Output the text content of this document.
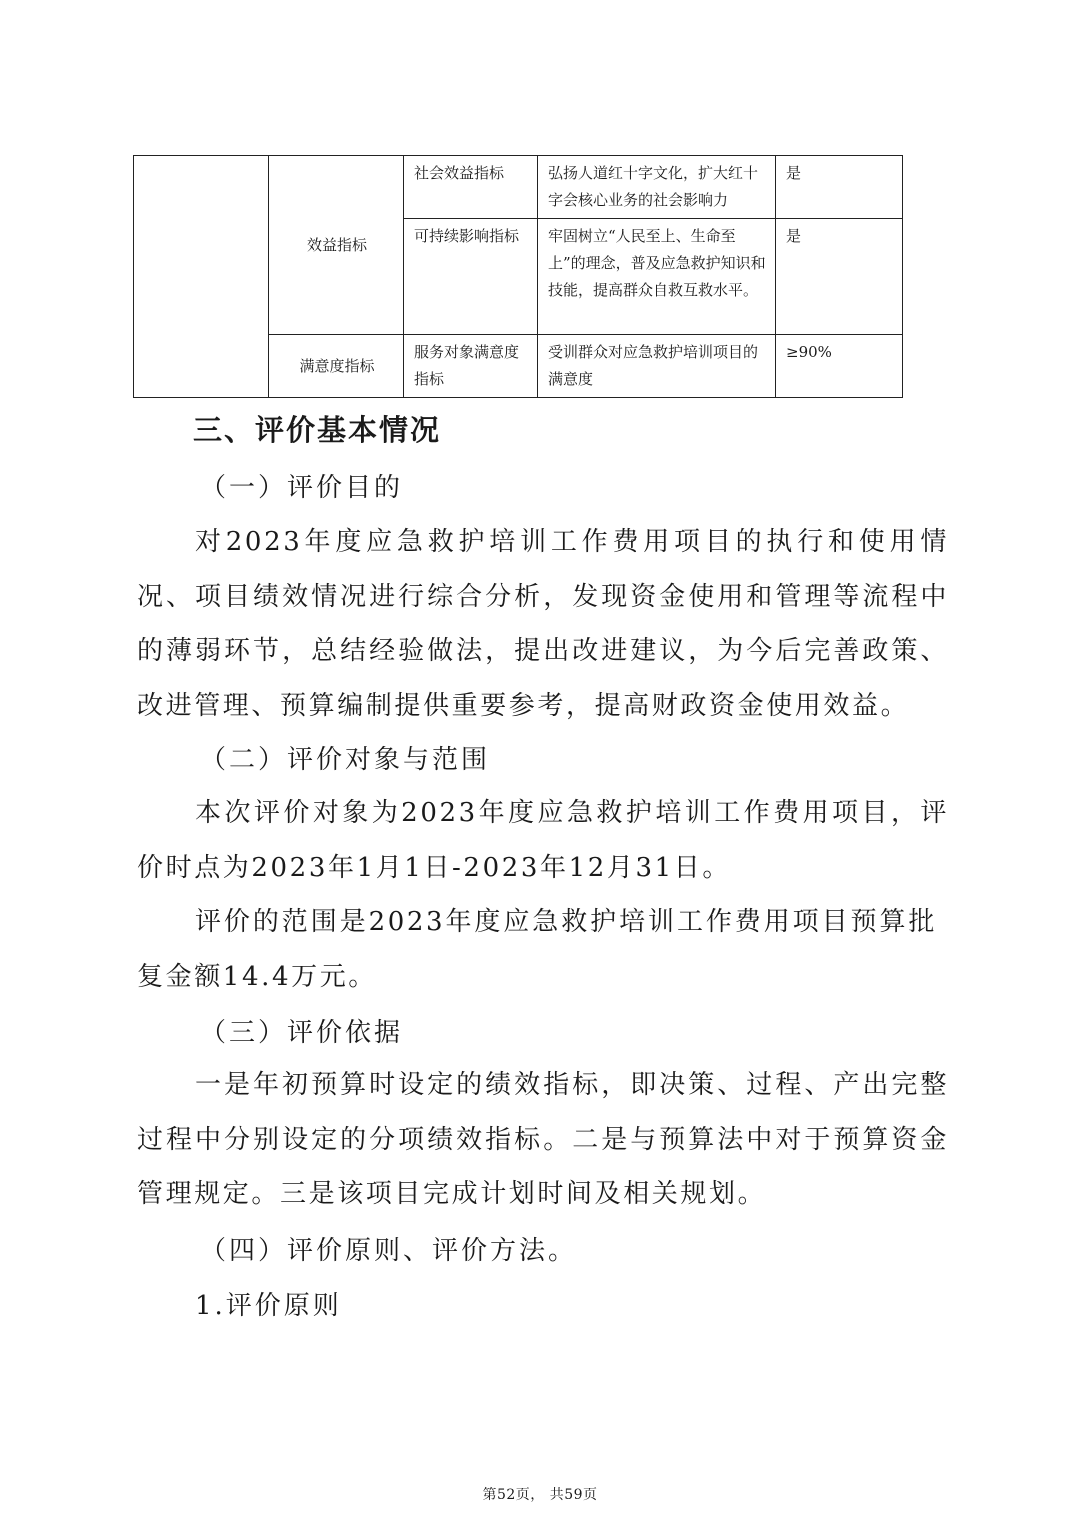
	效益指标	社会效益指标	弘扬人道红十字文化，扩大红十字会核心业务的社会影响力	是
		可持续影响指标	牢固树立“人民至上、生命至上”的理念，普及应急救护知识和技能，提高群众自救互救水平。	是
	满意度指标	服务对象满意度指标	受训群众对应急救护培训项目的满意度	≥90%
三、评价基本情况
（一）评价目的
对2023年度应急救护培训工作费用项目的执行和使用情况、项目绩效情况进行综合分析，发现资金使用和管理等流程中的薄弱环节，总结经验做法，提出改进建议，为今后完善政策、改进管理、预算编制提供重要参考，提高财政资金使用效益。
（二）评价对象与范围
本次评价对象为2023年度应急救护培训工作费用项目，评价时点为2023年1月1日-2023年12月31日。
评价的范围是2023年度应急救护培训工作费用项目预算批复金额14.4万元。
（三）评价依据
一是年初预算时设定的绩效指标，即决策、过程、产出完整过程中分别设定的分项绩效指标。二是与预算法中对于预算资金管理规定。三是该项目完成计划时间及相关规划。
（四）评价原则、评价方法。
1.评价原则
第52页， 共59页
